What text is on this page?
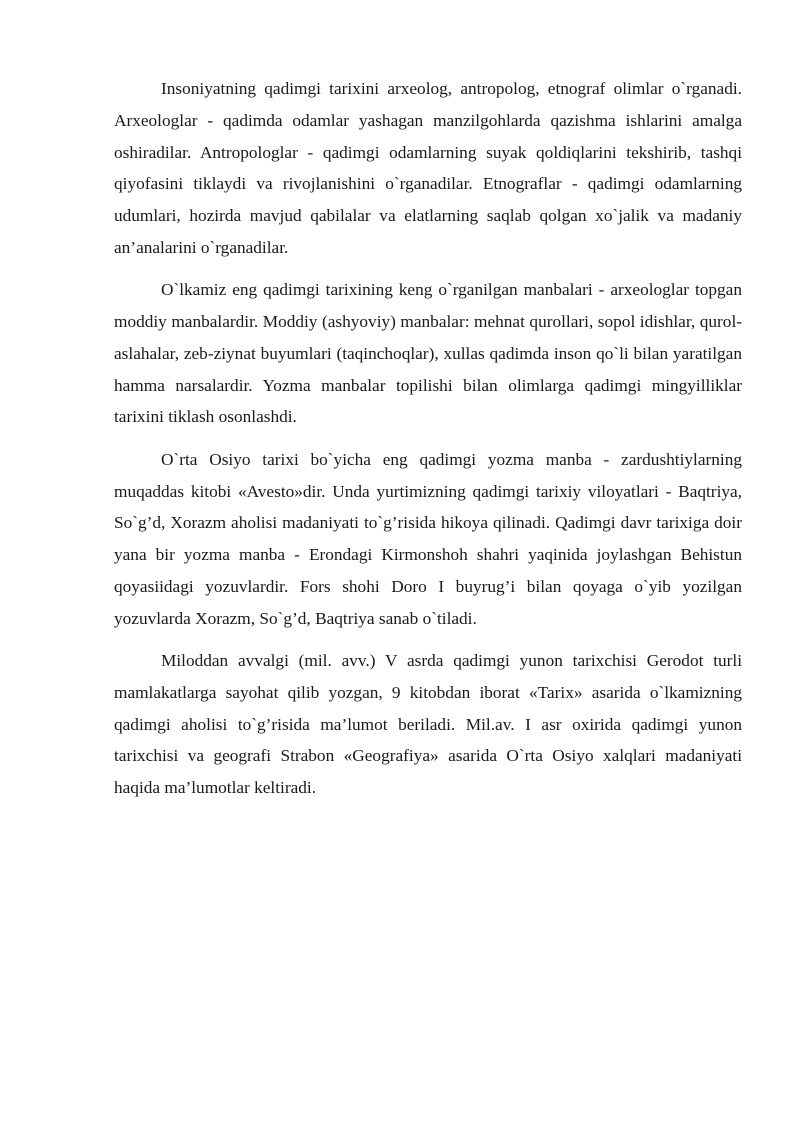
Insoniyatning qadimgi tarixini arxeolog, antropolog, etnograf olimlar o`rganadi. Arxeologlar - qadimda odamlar yashagan manzilgohlarda qazishma ishlarini amalga oshiradilar. Antropologlar - qadimgi odamlarning suyak qoldiqlarini tekshirib, tashqi qiyofasini tiklaydi va rivojlanishini o`rganadilar. Etnograflar - qadimgi odamlarning udumlari, hozirda mavjud qabilalar va elatlarning saqlab qolgan xo`jalik va madaniy an’analarini o`rganadilar.

O`lkamiz eng qadimgi tarixining keng o`rganilgan manbalari - arxeologlar topgan moddiy manbalardir. Moddiy (ashyoviy) manbalar: mehnat qurollari, sopol idishlar, qurol-aslahalar, zeb-ziynat buyumlari (taqinchoqlar), xullas qadimda inson qo`li bilan yaratilgan hamma narsalardir. Yozma manbalar topilishi bilan olimlarga qadimgi mingyilliklar tarixini tiklash osonlashdi.

O`rta Osiyo tarixi bo`yicha eng qadimgi yozma manba - zardushtiylarning muqaddas kitobi «Avesto»dir. Unda yurtimizning qadimgi tarixiy viloyatlari - Baqtriya, So`g’d, Xorazm aholisi madaniyati to`g’risida hikoya qilinadi. Qadimgi davr tarixiga doir yana bir yozma manba - Erondagi Kirmonshoh shahri yaqinida joylashgan Behistun qoyasiidagi yozuvlardir. Fors shohi Doro I buyrug’i bilan qoyaga o`yib yozilgan yozuvlarda Xorazm, So`g’d, Baqtriya sanab o`tiladi.

Miloddan avvalgi (mil. avv.) V asrda qadimgi yunon tarixchisi Gerodot turli mamlakatlarga sayohat qilib yozgan, 9 kitobdan iborat «Tarix» asarida o`lkamizning qadimgi aholisi to`g’risida ma’lumot beriladi. Mil.av. I asr oxirida qadimgi yunon tarixchisi va geografi Strabon «Geografiya» asarida O`rta Osiyo xalqlari madaniyati haqida ma’lumotlar keltiradi.
